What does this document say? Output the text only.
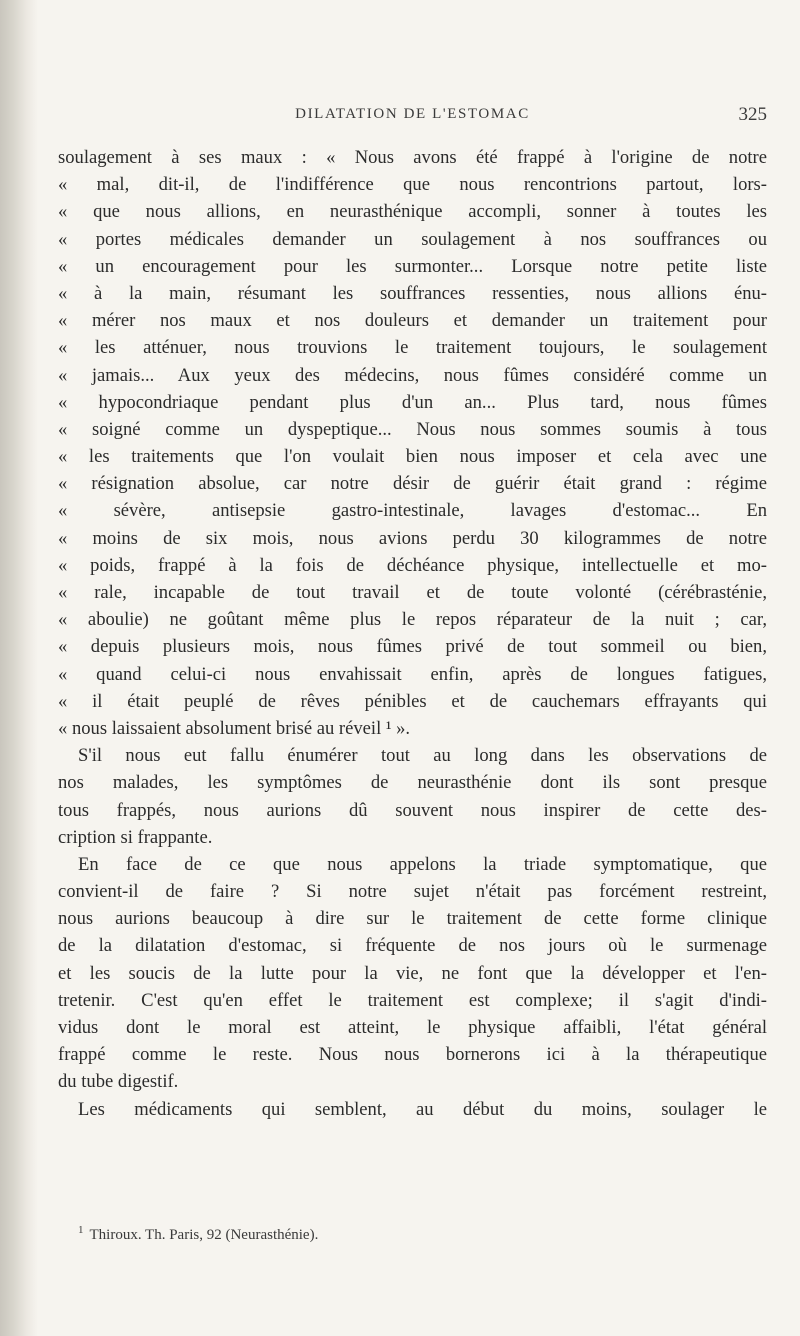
DILATATION DE L'ESTOMAC	325
soulagement à ses maux : « Nous avons été frappé à l'origine de notre
« mal, dit-il, de l'indifférence que nous rencontrions partout, lors-
« que nous allions, en neurasthénique accompli, sonner à toutes les
« portes médicales demander un soulagement à nos souffrances ou
« un encouragement pour les surmonter... Lorsque notre petite liste
« à la main, résumant les souffrances ressenties, nous allions énu-
« mérer nos maux et nos douleurs et demander un traitement pour
« les atténuer, nous trouvions le traitement toujours, le soulagement
« jamais... Aux yeux des médecins, nous fûmes considéré comme un
« hypocondriaque pendant plus d'un an... Plus tard, nous fûmes
« soigné comme un dyspeptique... Nous nous sommes soumis à tous
« les traitements que l'on voulait bien nous imposer et cela avec une
« résignation absolue, car notre désir de guérir était grand : régime
« sévère, antisepsie gastro-intestinale, lavages d'estomac... En
« moins de six mois, nous avions perdu 30 kilogrammes de notre
« poids, frappé à la fois de déchéance physique, intellectuelle et mo-
« rale, incapable de tout travail et de toute volonté (cérébrasténie,
« aboulie) ne goûtant même plus le repos réparateur de la nuit ; car,
« depuis plusieurs mois, nous fûmes privé de tout sommeil ou bien,
« quand celui-ci nous envahissait enfin, après de longues fatigues,
« il était peuplé de rêves pénibles et de cauchemars effrayants qui
« nous laissaient absolument brisé au réveil ¹ ».
S'il nous eut fallu énumérer tout au long dans les observations de
nos malades, les symptômes de neurasthénie dont ils sont presque
tous frappés, nous aurions dû souvent nous inspirer de cette des-
cription si frappante.
En face de ce que nous appelons la triade symptomatique, que
convient-il de faire ? Si notre sujet n'était pas forcément restreint,
nous aurions beaucoup à dire sur le traitement de cette forme clinique
de la dilatation d'estomac, si fréquente de nos jours où le surmenage
et les soucis de la lutte pour la vie, ne font que la développer et l'en-
tretenir. C'est qu'en effet le traitement est complexe; il s'agit d'indi-
vidus dont le moral est atteint, le physique affaibli, l'état général
frappé comme le reste. Nous nous bornerons ici à la thérapeutique
du tube digestif.
Les médicaments qui semblent, au début du moins, soulager le
$^1$ Thiroux. Th. Paris, 92 (Neurasthénie).
